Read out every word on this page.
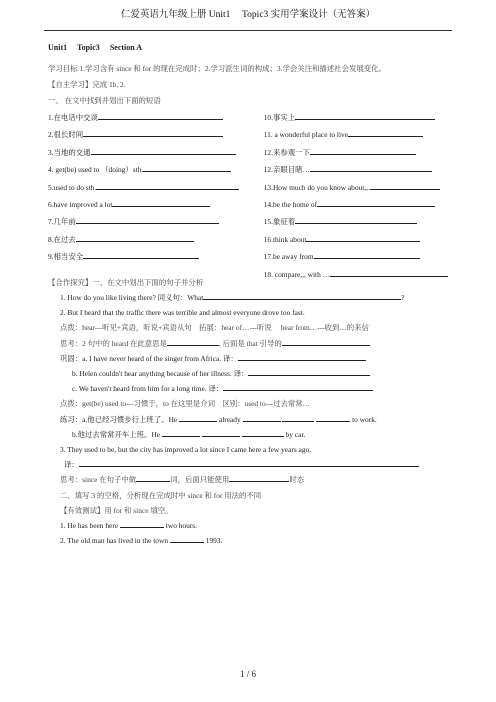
仁爱英语九年级上册 Unit1　 Topic3 实用学案设计（无答案）
Unit1 Topic3 Section A
学习目标 1.学习含有 since 和 for 的现在完成时；2.学习派生词的构成；3.学会关注和描述社会发展变化。
【自主学习】完成 1b, 2.
一、 在文中找到并划出下面的短语
1.在电话中交谈
2.很长时间
3.当地的交通
4. get(be) used to （doing）sth.
5.used to do sth.
6.have improved a lot
7.几年前
8.在过去
9.相当安全
10.事实上
11. a wonderful place to live
12.来参观一下
12.亲眼目睹…
13.How much do you know about,,.
14.be the home of
15.象征着
16.think about
17.be away from
18. compare,,, with …
【合作探究】一、在文中划出下面的句子并分析
1. How do you like living there? 同义句：What	?
2. But I heard that the traffic there was terrible and almost everyone drove too fast.
点拨：hear---听见+宾语，听说+宾语从句　拓展：hear of…---听说　 hear from…---收到…的来信
思考：2 句中的 heard 在此意思是	, 后面是 that 引导的
巩固：a. I have never heard of the singer from Africa. 译：
b. Helen couldn't hear anything because of her illness. 译：
c. We haven't heard from him for a long time. 译：
点拨：get(be) used to---习惯于，to 在这里是介词　区别：used to---过去常常…
练习：a.他已经习惯步行上班了。He	already	to work.
b.他过去常常开车上班。He	by car.
3. They used to be, but the city has improved a lot since I came here a few years ago.
译：
思考：since 在句子中做	词，后面只能使用	时态
二、填写 3 的空格，分析现在完成时中 since 和 for 用法的不同
【有效测试】用 for 和 since 填空。
1. He has been here	two hours.
2. The old man has lived in the town	1993.
1 / 6
